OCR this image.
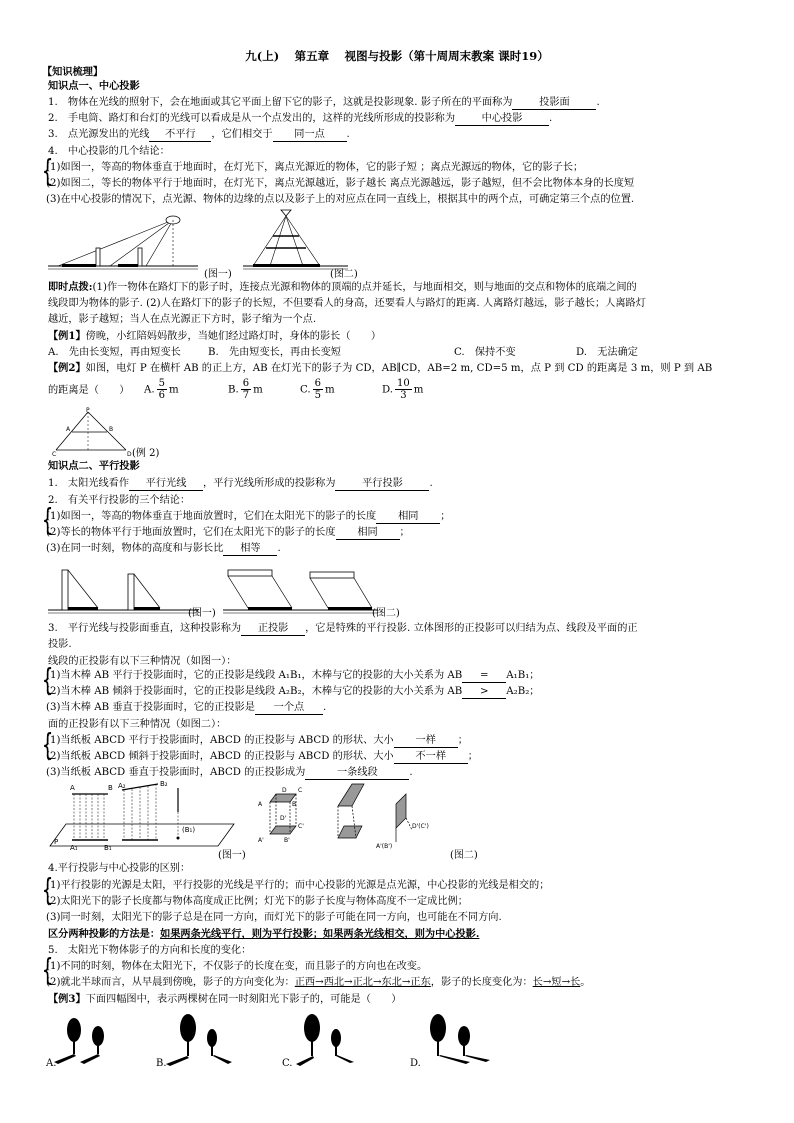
九(上)　 第五章　 视图与投影（第十周周末教案 课时19）
【知识梳理】
知识点一、中心投影
1.　物体在光线的照射下，会在地面或其它平面上留下它的影子，这就是投影现象. 影子所在的平面称为	投影面	.
2.　手电筒、路灯和台灯的光线可以看成是从一个点发出的，这样的光线所形成的投影称为	中心投影	.
3.　点光源发出的光线 不平行 ，它们相交于 同一点 .
4.　中心投影的几个结论：
{
(1)如图一，等高的物体垂直于地面时，在灯光下，离点光源近的物体，它的影子短 ；离点光源远的物体，它的影子长；
(2)如图二，等长的物体平行于地面时，在灯光下，离点光源越近，影子越长 离点光源越远，影子越短，但不会比物体本身的长度短
(3)在中心投影的情况下，点光源、物体的边缘的点以及影子上的对应点在同一直线上，根据其中的两个点，可确定第三个点的位置.
(图一)	(图二)
即时点拨:(1)作一物体在路灯下的影子时，连接点光源和物体的顶端的点并延长，与地面相交，则与地面的交点和物体的底端之间的
线段即为物体的影子. (2)人在路灯下的影子的长短，不但要看人的身高，还要看人与路灯的距离. 人离路灯越远，影子越长；人离路灯
越近，影子越短；当人在点光源正下方时，影子缩为一个点.
【例1】傍晚，小红陪妈妈散步，当她们经过路灯时，身体的影长（　　）
A.　先由长变短，再由短变长	B.　先由短变长，再由长变短	C.　保持不变	D.　无法确定
【例2】如图，电灯 P 在横杆 AB 的正上方，AB 在灯光下的影子为 CD，AB∥CD，AB=2 m, CD=5 m，点 P 到 CD 的距离是 3 m，则 P 到 AB
的距离是（　　） A. $\frac{5}{6}$ m	B. $\frac{6}{7}$ m	C. $\frac{6}{5}$ m	D. $\frac{10}{3}$ m
P
A	B
C	D (例 2)
知识点二、平行投影
1.　太阳光线看作 平行光线 ，平行光线所形成的投影称为	平行投影	.
2.　有关平行投影的三个结论：
{
(1)如图一，等高的物体垂直于地面放置时，它们在太阳光下的影子的长度 相同 ；
(2)等长的物体平行于地面放置时，它们在太阳光下的影子的长度 相同 ；
(3)在同一时刻，物体的高度和与影长比 相等 .
(图一)	(图二)
3.　平行光线与投影面垂直，这种投影称为 正投影 ，它是特殊的平行投影. 立体图形的正投影可以归结为点、线段及平面的正
投影.
线段的正投影有以下三种情况（如图一）：
{
(1)当木棒 AB 平行于投影面时，它的正投影是线段 A₁B₁，木棒与它的投影的大小关系为 AB = A₁B₁；
(2)当木棒 AB 倾斜于投影面时，它的正投影是线段 A₂B₂，木棒与它的投影的大小关系为 AB > A₂B₂；
(3)当木棒 AB 垂直于投影面时，它的正投影是 一个点 .
面的正投影有以下三种情况（如图二）：
{
(1)当纸板 ABCD 平行于投影面时，ABCD 的正投影与 ABCD 的形状、大小 一样 ；
(2)当纸板 ABCD 倾斜于投影面时，ABCD 的正投影与 ABCD 的形状、大小 不一样 ；
(3)当纸板 ABCD 垂直于投影面时，ABCD 的正投影成为	一条线段	.
A	B A₂	B₂
(B₁)
P
A₁	B₁
A
D C
B
A'	B'
C'
D'
D'(C')
A'(B')
(图一)	(图二)
4.平行投影与中心投影的区别：
{
(1)平行投影的光源是太阳，平行投影的光线是平行的；而中心投影的光源是点光源，中心投影的光线是相交的；
(2)太阳光下的影子长度都与物体高度成正比例；灯光下的影子长度与物体高度不一定成比例；
(3)同一时刻，太阳光下的影子总是在同一方向，而灯光下的影子可能在同一方向，也可能在不同方向.
区分两种投影的方法是：如果两条光线平行，则为平行投影；如果两条光线相交，则为中心投影.
5.　太阳光下物体影子的方向和长度的变化：
{
(1)不同的时刻，物体在太阳光下，不仅影子的长度在变，而且影子的方向也在改变。
(2)就北半球而言，从早晨到傍晚，影子的方向变化为：正西→西北→正北→东北→正东，影子的长度变化为：长→短→长。
【例3】下面四幅图中，表示两棵树在同一时刻阳光下影子的，可能是（　　）
A.	B.	C.	D.
